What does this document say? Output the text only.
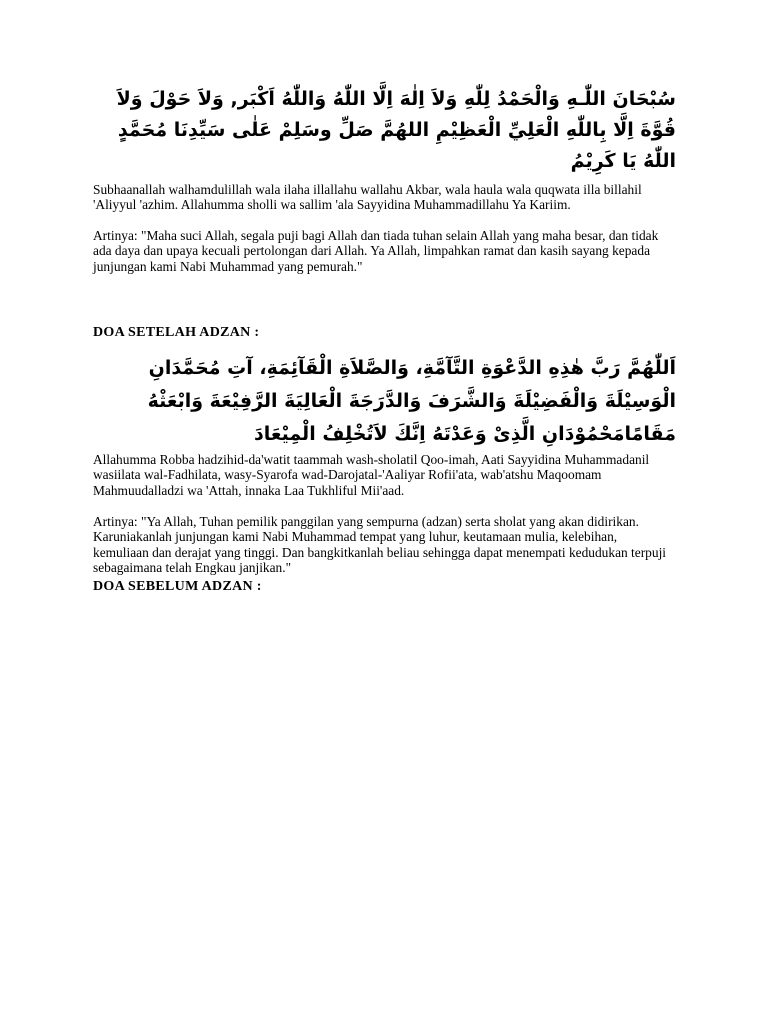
سُبْحَانَ اللّٰـهِ وَالْحَمْدُ لِلّٰهِ وَلاَ اِلٰهَ اِلَّا اللّٰهُ وَاللّٰهُ اَكْبَر, وَلاَ حَوْلَ وَلاَ
قُوَّةَ اِلَّا بِاللّٰهِ الْعَلِيِّ الْعَظِيْمِ اللهُمَّ صَلِّ وسَلِمْ عَلٰى سَيِّدِنَا مُحَمَّدٍ
اللّٰهُ يَا كَرِيْمُ

Subhaanallah walhamdulillah wala ilaha illallahu wallahu Akbar, wala haula wala quqwata illa billahil 'Aliyyul 'azhim. Allahumma sholli wa sallim 'ala Sayyidina Muhammadillahu Ya Kariim.

Artinya: "Maha suci Allah, segala puji bagi Allah dan tiada tuhan selain Allah yang maha besar, dan tidak ada daya dan upaya kecuali pertolongan dari Allah. Ya Allah, limpahkan ramat dan kasih sayang kepada junjungan kami Nabi Muhammad yang pemurah."

DOA SETELAH ADZAN :

اَللّٰهُمَّ رَبَّ هٰذِهِ الدَّعْوَةِ التَّآمَّةِ، وَالصَّلاَةِ الْقَآئِمَةِ، آتِ مُحَمَّدَانِ
الْوَسِيْلَةَ وَالْفَضِيْلَةَ وَالشَّرَفَ وَالدَّرَجَةَ الْعَالِيَةَ الرَّفِيْعَةَ وَابْعَثْهُ
مَقَامًامَحْمُوْدَانِ الَّذِىْ وَعَدْتَهُ اِنَّكَ لاَتُخْلِفُ الْمِيْعَادَ

Allahumma Robba hadzihid-da'watit taammah wash-sholatil Qoo-imah, Aati Sayyidina Muhammadanil wasiilata wal-Fadhilata, wasy-Syarofa wad-Darojatal-'Aaliyar Rofii'ata, wab'atshu Maqoomam Mahmuudalladzi wa 'Attah, innaka Laa Tukhliful Mii'aad.

Artinya: "Ya Allah, Tuhan pemilik panggilan yang sempurna (adzan) serta sholat yang akan didirikan. Karuniakanlah junjungan kami Nabi Muhammad tempat yang luhur, keutamaan mulia, kelebihan, kemuliaan dan derajat yang tinggi. Dan bangkitkanlah beliau sehingga dapat menempati kedudukan terpuji sebagaimana telah Engkau janjikan."

DOA SEBELUM ADZAN :
